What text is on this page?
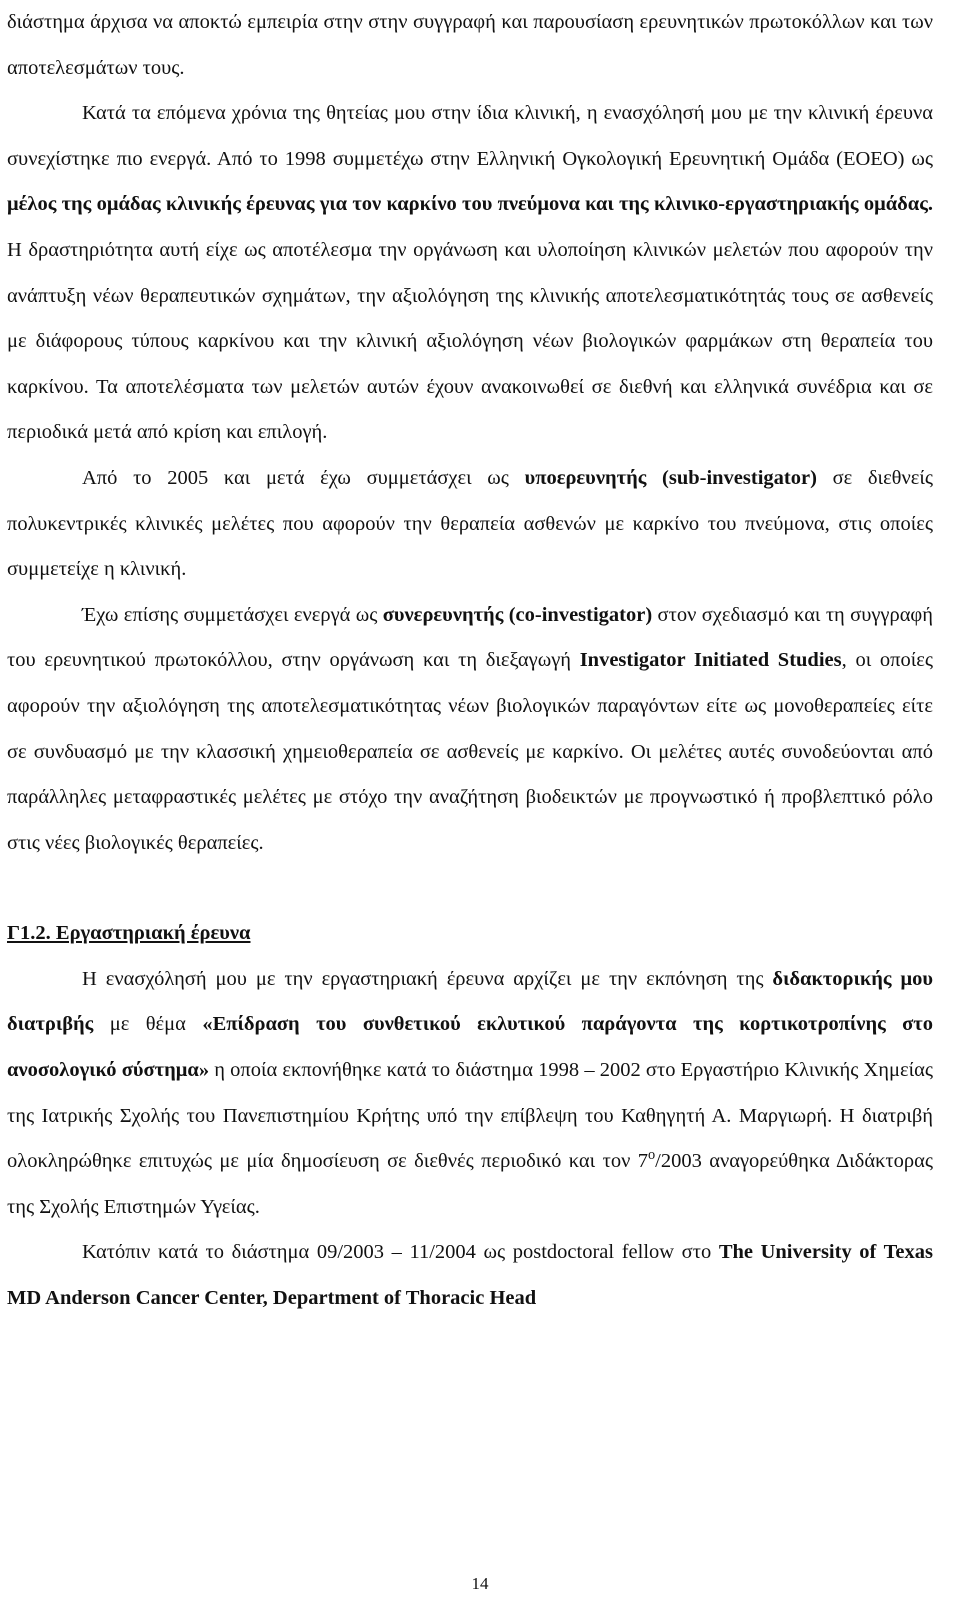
διάστημα άρχισα να αποκτώ εμπειρία στην στην συγγραφή και παρουσίαση ερευνητικών πρωτοκόλλων και των αποτελεσμάτων τους.

Κατά τα επόμενα χρόνια της θητείας μου στην ίδια κλινική, η ενασχόλησή μου με την κλινική έρευνα συνεχίστηκε πιο ενεργά. Από το 1998 συμμετέχω στην Ελληνική Ογκολογική Ερευνητική Ομάδα (ΕΟΕΟ) ως μέλος της ομάδας κλινικής έρευνας για τον καρκίνο του πνεύμονα και της κλινικο-εργαστηριακής ομάδας. Η δραστηριότητα αυτή είχε ως αποτέλεσμα την οργάνωση και υλοποίηση κλινικών μελετών που αφορούν την ανάπτυξη νέων θεραπευτικών σχημάτων, την αξιολόγηση της κλινικής αποτελεσματικότητάς τους σε ασθενείς με διάφορους τύπους καρκίνου και την κλινική αξιολόγηση νέων βιολογικών φαρμάκων στη θεραπεία του καρκίνου. Τα αποτελέσματα των μελετών αυτών έχουν ανακοινωθεί σε διεθνή και ελληνικά συνέδρια και σε περιοδικά μετά από κρίση και επιλογή.

Από το 2005 και μετά έχω συμμετάσχει ως υποερευνητής (sub-investigator) σε διεθνείς πολυκεντρικές κλινικές μελέτες που αφορούν την θεραπεία ασθενών με καρκίνο του πνεύμονα, στις οποίες συμμετείχε η κλινική.

Έχω επίσης συμμετάσχει ενεργά ως συνερευνητής (co-investigator) στον σχεδιασμό και τη συγγραφή του ερευνητικού πρωτοκόλλου, στην οργάνωση και τη διεξαγωγή Investigator Initiated Studies, οι οποίες αφορούν την αξιολόγηση της αποτελεσματικότητας νέων βιολογικών παραγόντων είτε ως μονοθεραπείες είτε σε συνδυασμό με την κλασσική χημειοθεραπεία σε ασθενείς με καρκίνο. Οι μελέτες αυτές συνοδεύονται από παράλληλες μεταφραστικές μελέτες με στόχο την αναζήτηση βιοδεικτών με προγνωστικό ή προβλεπτικό ρόλο στις νέες βιολογικές θεραπείες.

Γ1.2. Εργαστηριακή έρευνα

Η ενασχόλησή μου με την εργαστηριακή έρευνα αρχίζει με την εκπόνηση της διδακτορικής μου διατριβής με θέμα «Επίδραση του συνθετικού εκλυτικού παράγοντα της κορτικοτροπίνης στο ανοσολογικό σύστημα» η οποία εκπονήθηκε κατά το διάστημα 1998 – 2002 στο Εργαστήριο Κλινικής Χημείας της Ιατρικής Σχολής του Πανεπιστημίου Κρήτης υπό την επίβλεψη του Καθηγητή Α. Μαργιωρή. Η διατριβή ολοκληρώθηκε επιτυχώς με μία δημοσίευση σε διεθνές περιοδικό και τον $7^o/2003$ αναγορεύθηκα Διδάκτορας της Σχολής Επιστημών Υγείας.

Κατόπιν κατά το διάστημα 09/2003 – 11/2004 ως postdoctoral fellow στο The University of Texas MD Anderson Cancer Center, Department of Thoracic Head

14
